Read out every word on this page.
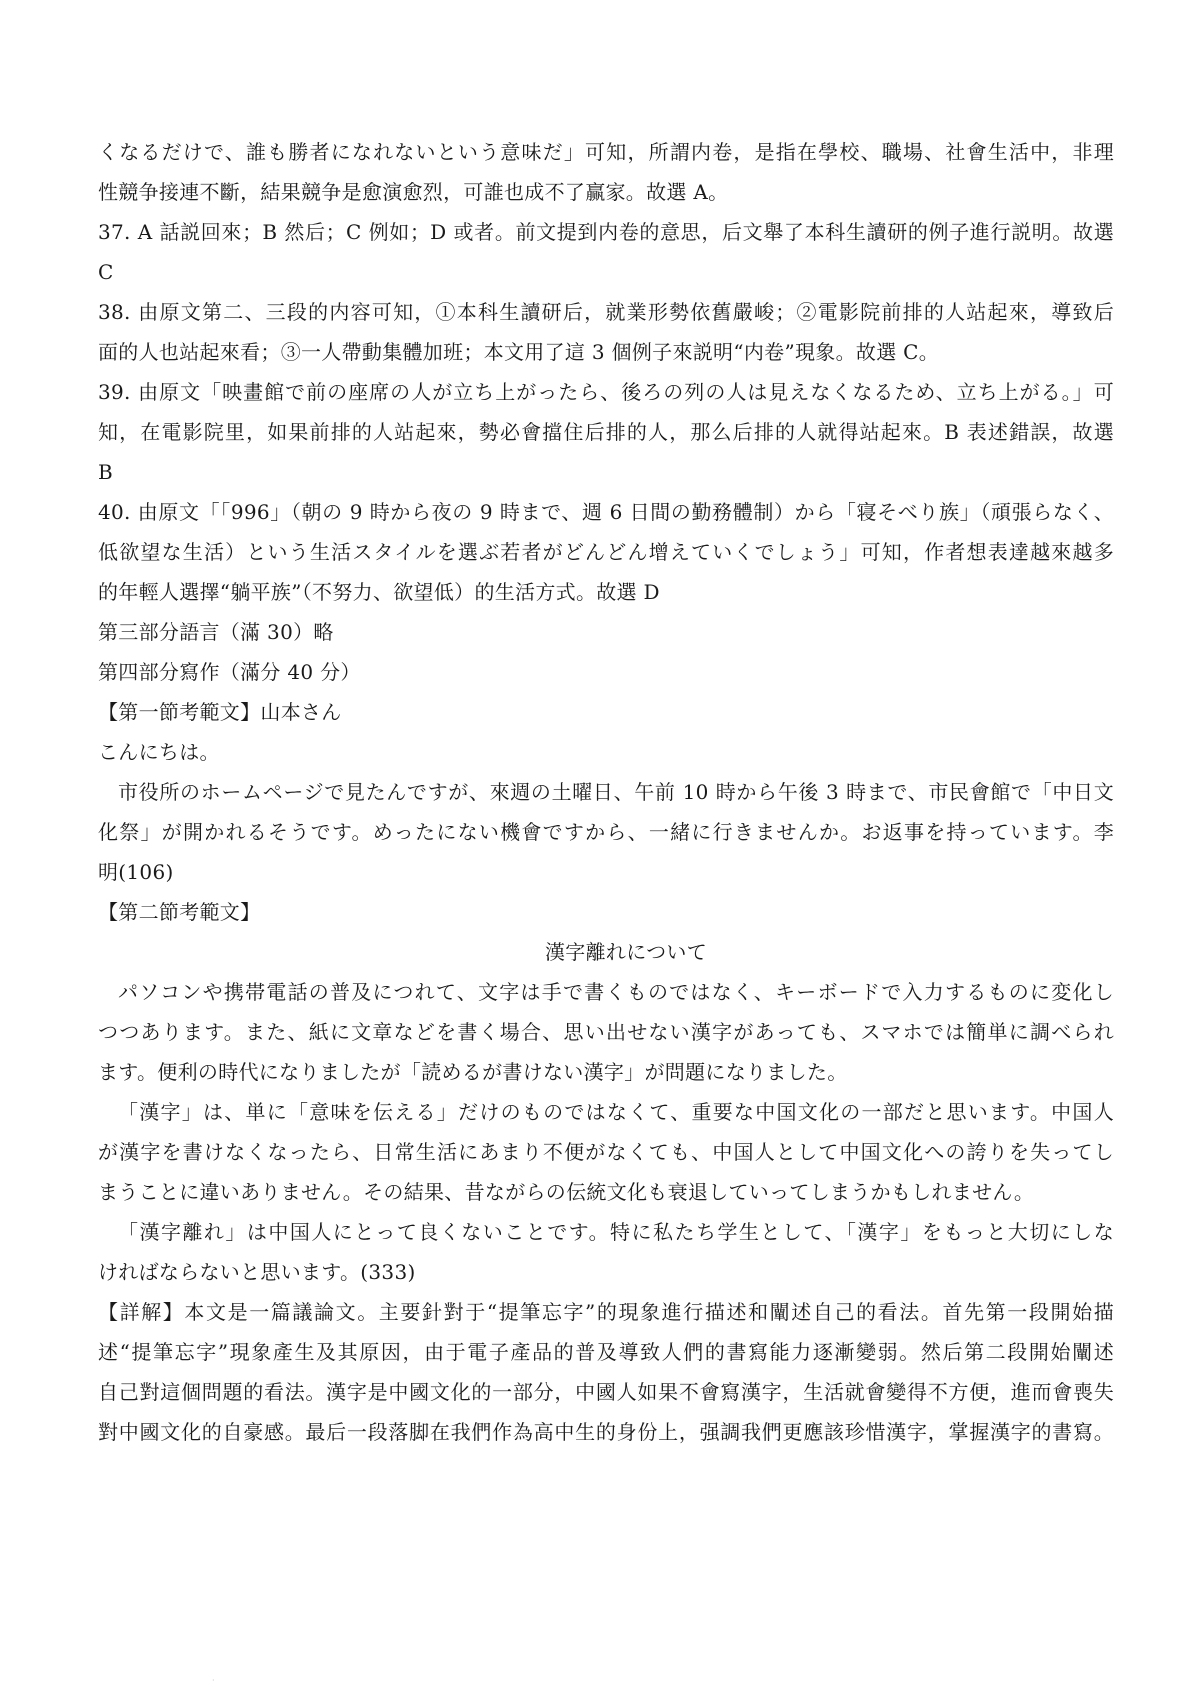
くなるだけで、誰も勝者になれないという意味だ」可知，所謂内卷，是指在學校、職場、社會生活中，非理
性競争接連不斷，結果競争是愈演愈烈，可誰也成不了赢家。故選 A。
37. A 話説回來；B 然后；C 例如；D 或者。前文提到内卷的意思，后文舉了本科生讀研的例子進行説明。故選
C
38. 由原文第二、三段的内容可知，①本科生讀研后，就業形勢依舊嚴峻；②電影院前排的人站起來，導致后
面的人也站起來看；③一人帶動集體加班；本文用了這 3 個例子來説明“内卷”現象。故選 C。
39. 由原文「映畫館で前の座席の人が立ち上がったら、後ろの列の人は見えなくなるため、立ち上がる。」可
知，在電影院里，如果前排的人站起來，勢必會擋住后排的人，那么后排的人就得站起來。B 表述錯誤，故選
B
40. 由原文「「996」（朝の 9 時から夜の 9 時まで、週 6 日間の勤務體制）から「寝そべり族」（頑張らなく、
低欲望な生活）という生活スタイルを選ぶ若者がどんどん增えていくでしょう」可知，作者想表達越來越多
的年輕人選擇“躺平族”（不努力、欲望低）的生活方式。故選 D
第三部分語言（滿 30）略
第四部分寫作（滿分 40 分）
【第一節考範文】山本さん
こんにちは。
市役所のホームページで見たんですが、來週の土曜日、午前 10 時から午後 3 時まで、市民會館で「中日文
化祭」が開かれるそうです。めったにない機會ですから、一緒に行きませんか。お返事を持っています。李
明(106)
【第二節考範文】
漢字離れについて
パソコンや携帯電話の普及につれて、文字は手で書くものではなく、キーボードで入力するものに変化し
つつあります。また、紙に文章などを書く場合、思い出せない漢字があっても、スマホでは簡単に調べられ
ます。便利の時代になりましたが「読めるが書けない漢字」が問題になりました。
「漢字」は、単に「意味を伝える」だけのものではなくて、重要な中国文化の一部だと思います。中国人
が漢字を書けなくなったら、日常生活にあまり不便がなくても、中国人として中国文化への誇りを失ってし
まうことに違いありません。その結果、昔ながらの伝統文化も衰退していってしまうかもしれません。
「漢字離れ」は中国人にとって良くないことです。特に私たち学生として、「漢字」をもっと大切にしな
ければならないと思います。(333)
【詳解】本文是一篇議論文。主要針對于“提筆忘字”的現象進行描述和闡述自己的看法。首先第一段開始描
述“提筆忘字”現象產生及其原因，由于電子產品的普及導致人們的書寫能力逐漸變弱。然后第二段開始闡述
自己對這個問題的看法。漢字是中國文化的一部分，中國人如果不會寫漢字，生活就會變得不方便，進而會喪失
對中國文化的自豪感。最后一段落脚在我們作為高中生的身份上，强調我們更應該珍惜漢字，掌握漢字的書寫。
·
